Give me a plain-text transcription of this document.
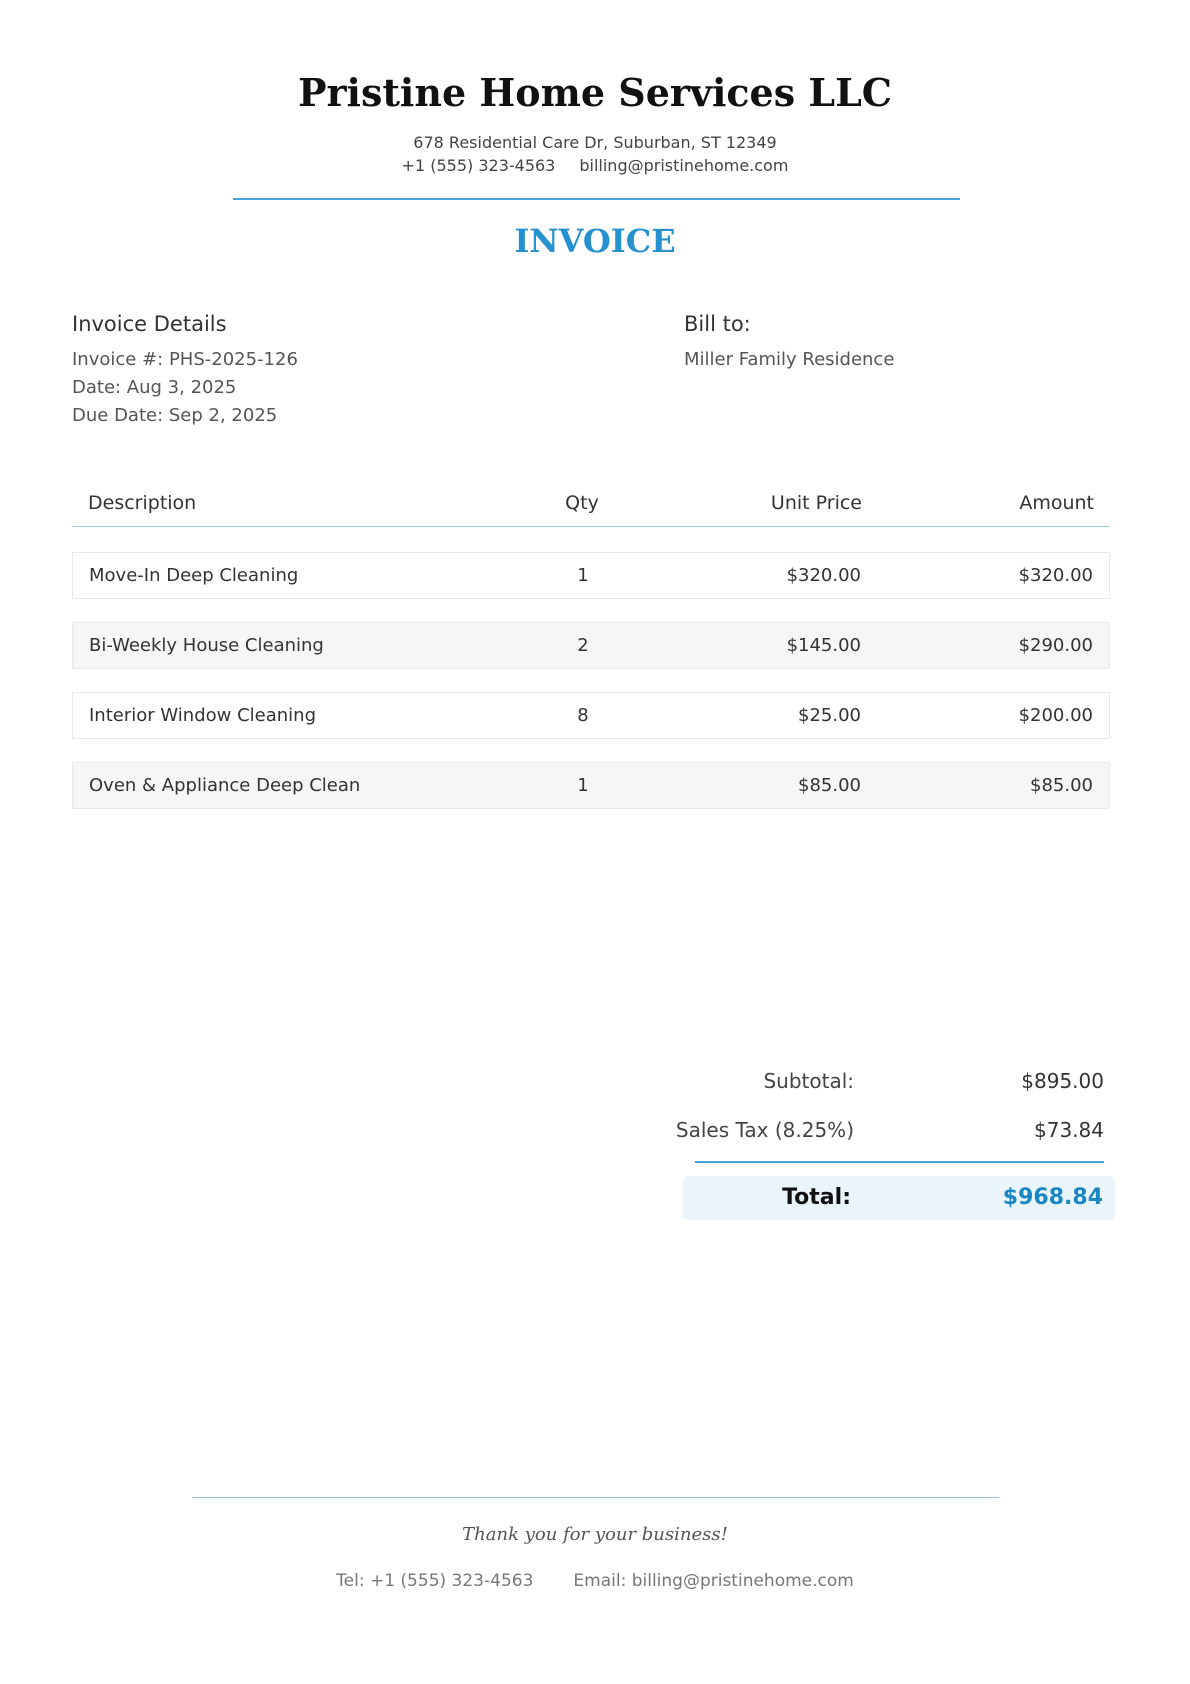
Pristine Home Services LLC
678 Residential Care Dr, Suburban, ST 12349
+1 (555) 323-4563 billing@pristinehome.com
INVOICE
Invoice Details
Invoice #: PHS-2025-126
Date: Aug 3, 2025
Due Date: Sep 2, 2025
Bill to:
Miller Family Residence
Description	Qty	Unit Price	Amount
Move-In Deep Cleaning	1	$320.00	$320.00
Bi-Weekly House Cleaning	2	$145.00	$290.00
Interior Window Cleaning	8	$25.00	$200.00
Oven & Appliance Deep Clean	1	$85.00	$85.00
Subtotal:	$895.00
Sales Tax (8.25%)	$73.84
Total:	$968.84
Thank you for your business!
Tel: +1 (555) 323-4563 Email: billing@pristinehome.com
